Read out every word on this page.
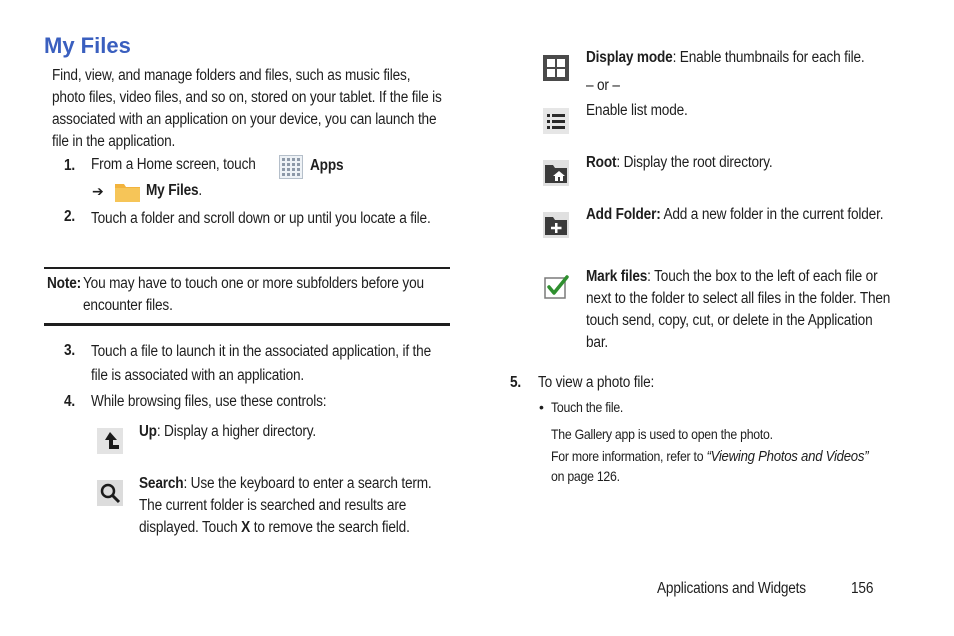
My Files
Find, view, and manage folders and files, such as music files, photo files, video files, and so on, stored on your tablet. If the file is associated with an application on your device, you can launch the file in the application.
1. From a Home screen, touch	Apps
➔	My Files.
2. Touch a folder and scroll down or up until you locate a file.
Note: You may have to touch one or more subfolders before you encounter files.
3. Touch a file to launch it in the associated application, if the file is associated with an application.
4. While browsing files, use these controls:
Up: Display a higher directory.
Search: Use the keyboard to enter a search term. The current folder is searched and results are displayed. Touch X to remove the search field.
Display mode: Enable thumbnails for each file.
– or –
Enable list mode.
Root: Display the root directory.
Add Folder: Add a new folder in the current folder.
Mark files: Touch the box to the left of each file or next to the folder to select all files in the folder. Then touch send, copy, cut, or delete in the Application bar.
5. To view a photo file:
• Touch the file.
The Gallery app is used to open the photo.
For more information, refer to “Viewing Photos and Videos”
on page 126.
Applications and Widgets	156
